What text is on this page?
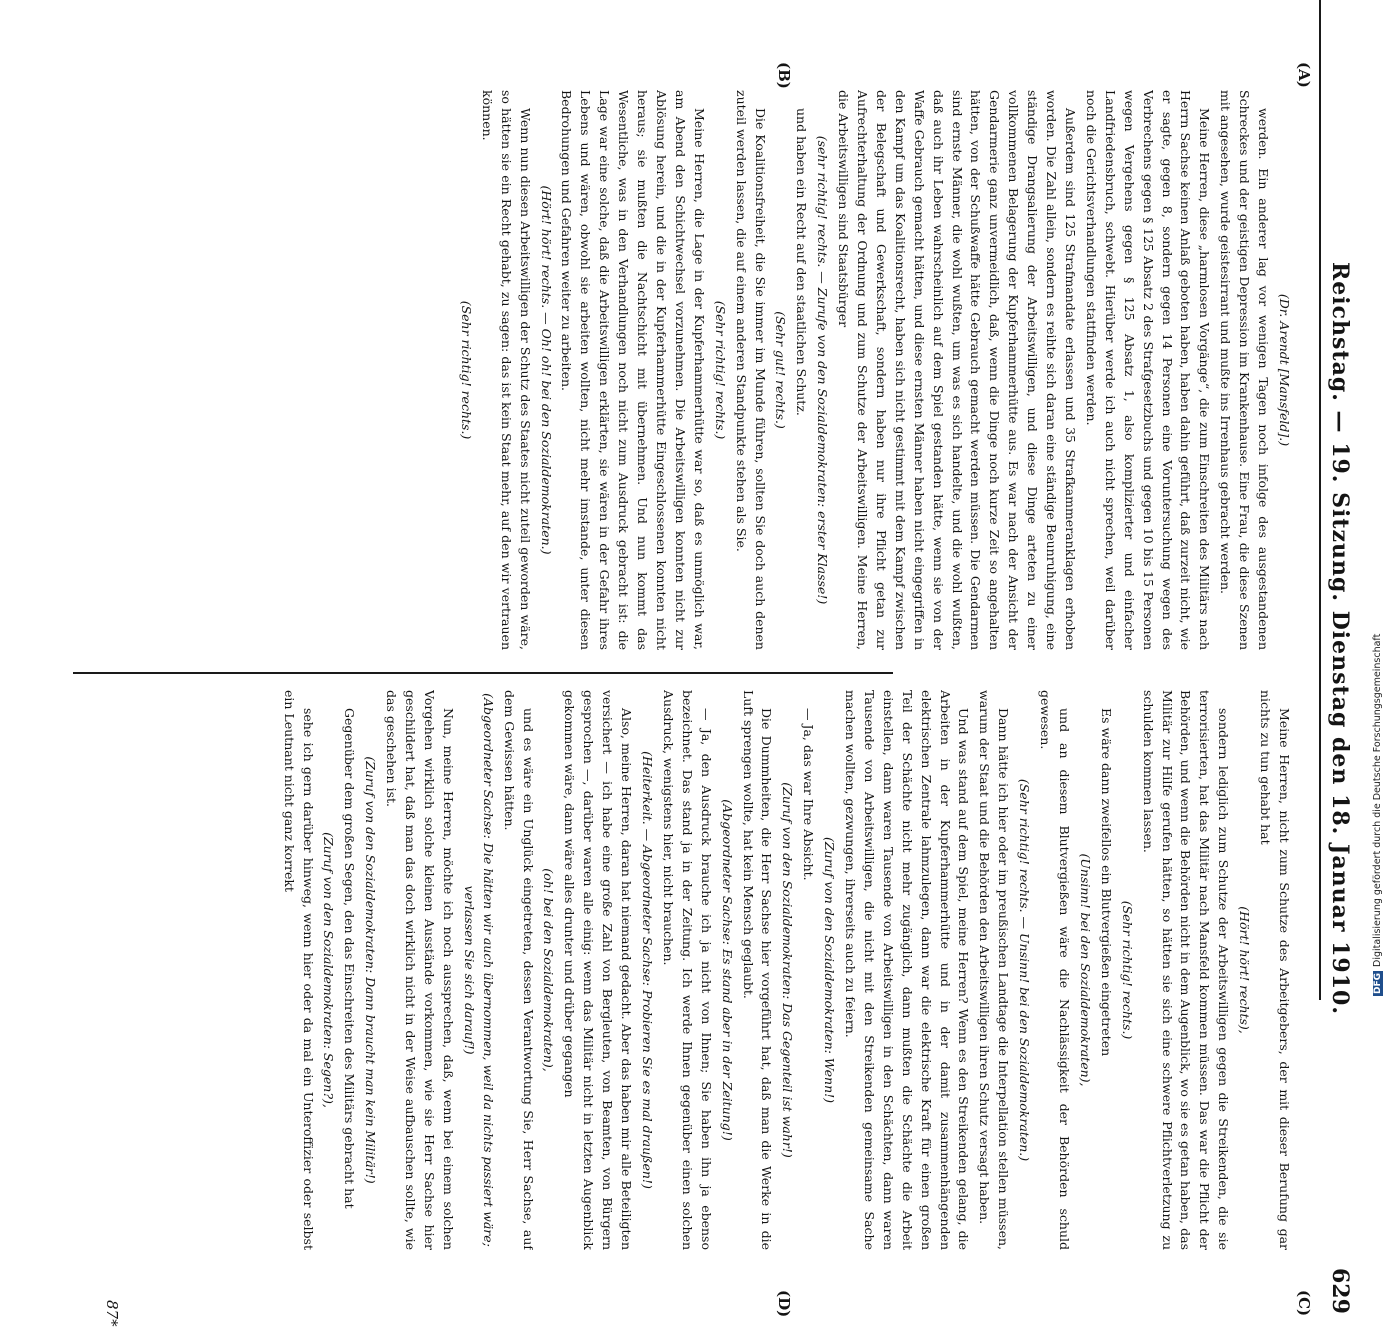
Reichstag. — 19. Sitzung. Dienstag den 18. Januar 1910.
629
(A)
(B)
(C)
(D)

(Dr. Arendt [Mansfeld].)

werden. Ein anderer lag vor wenigen Tagen noch infolge des ausgestandenen Schreckes und der geistigen Depression im Krankenhause. Eine Frau, die diese Szenen mit angesehen, wurde geistesirrant und mußte ins Irrenhaus gebracht werden.

Meine Herren, diese „harmlosen Vorgänge“, die zum Einschreiten des Militärs nach Herrn Sachse keinen Anlaß geboten haben, haben dahin geführt, daß zurzeit nicht, wie er sagte, gegen 8, sondern gegen 14 Personen eine Voruntersuchung wegen des Verbrechens gegen § 125 Absatz 2 des Strafgesetzbuchs und gegen 10 bis 15 Personen wegen Vergehens gegen § 125 Absatz 1, also komplizierter und einfacher Landfriedensbruch, schwebt. Hierüber werde ich auch nicht sprechen, weil darüber noch die Gerichtsverhandlungen stattfinden werden.

Außerdem sind 125 Strafmandate erlassen und 35 Strafkammeranklagen erhoben worden. Die Zahl allein, sondern es reihte sich daran eine ständige Beunruhigung, eine ständige Drangsalierung der Arbeitswilligen, und diese Dinge arteten zu einer vollkommenen Belagerung der Kupferhammerhütte aus. Es war nach der Ansicht der Gendarmerie ganz unvermeidlich, daß, wenn die Dinge noch kurze Zeit so angehalten hätten, von der Schußwaffe hätte Gebrauch gemacht werden müssen. Die Gendarmen sind ernste Männer, die wohl wußten, um was es sich handelte, und die wohl wußten, daß auch ihr Leben wahrscheinlich auf dem Spiel gestanden hätte, wenn sie von der Waffe Gebrauch gemacht hätten, und diese ernsten Männer haben nicht eingegriffen in den Kampf um das Koalitionsrecht, haben sich nicht gestimmt mit dem Kampf zwischen der Belegschaft und Gewerkschaft, sondern haben nur ihre Pflicht getan zur Aufrechterhaltung der Ordnung und zum Schutze der Arbeitswilligen. Meine Herren, die Arbeitswilligen sind Staatsbürger

(sehr richtig! rechts. — Zurufe von den Sozialdemokraten: erster Klasse!)

und haben ein Recht auf den staatlichen Schutz.

(Sehr gut! rechts.)

Die Koalitionsfreiheit, die Sie immer im Munde führen, sollten Sie doch auch denen zuteil werden lassen, die auf einem anderen Standpunkte stehen als Sie.

(Sehr richtig! rechts.)

Meine Herren, die Lage in der Kupferhammerhütte war so, daß es unmöglich war, am Abend den Schichtwechsel vorzunehmen. Die Arbeitswilligen konnten nicht zur Ablösung herein, und die in der Kupferhammerhütte Eingeschlossenen konnten nicht heraus; sie mußten die Nachtschicht mit übernehmen. Und nun kommt das Wesentliche, was in den Verhandlungen noch nicht zum Ausdruck gebracht ist: die Lage war eine solche, daß die Arbeitswilligen erklärten, sie wären in der Gefahr ihres Lebens und wären, obwohl sie arbeiten wollten, nicht mehr imstande, unter diesen Bedrohungen und Gefahren weiter zu arbeiten.

(Hört! hört! rechts. — Oh! oh! bei den Sozialdemokraten.)

Wenn nun diesen Arbeitswilligen der Schutz des Staates nicht zuteil geworden wäre, so hätten sie ein Recht gehabt, zu sagen: das ist kein Staat mehr, auf den wir vertrauen können.

(Sehr richtig! rechts.)

Meine Herren, nicht zum Schutze des Arbeitgebers, der mit dieser Berufung gar nichts zu tun gehabt hat

(Hört! hört! rechts),

sondern lediglich zum Schutze der Arbeitswilligen gegen die Streikenden, die sie terrorisierten, hat das Militär nach Mansfeld kommen müssen. Das war die Pflicht der Behörden, und wenn die Behörden nicht in dem Augenblick, wo sie es getan haben, das Militär zur Hilfe gerufen hätten, so hätten sie sich eine schwere Pflichtverletzung zu schulden kommen lassen.

(Sehr richtig! rechts.)

Es wäre dann zweifellos ein Blutvergießen eingetreten

(Unsinn! bei den Sozialdemokraten),

und an diesem Blutvergießen wäre die Nachlässigkeit der Behörden schuld gewesen.

(Sehr richtig! rechts. — Unsinn! bei den Sozialdemokraten.)

Dann hätte ich hier oder im preußischen Landtage die Interpellation stellen müssen, warum der Staat und die Behörden den Arbeitswilligen ihren Schutz versagt haben.

Und was stand auf dem Spiel, meine Herren? Wenn es den Streikenden gelang, die Arbeiten in der Kupferhammerhütte und in der damit zusammenhängenden elektrischen Zentrale lahmzulegen, dann war die elektrische Kraft für einen großen Teil der Schächte nicht mehr zugänglich, dann mußten die Schächte die Arbeit einstellen, dann waren Tausende von Arbeitswilligen in den Schächten, dann waren Tausende von Arbeitswilligen, die nicht mit den Streikenden gemeinsame Sache machen wollten, gezwungen, ihrerseits auch zu feiern.

(Zuruf von den Sozialdemokraten: Wenn!)

— Ja, das war Ihre Absicht.

(Zuruf von den Sozialdemokraten: Das Gegenteil ist wahr!)

Die Dummheiten, die Herr Sachse hier vorgeführt hat, daß man die Werke in die Luft sprengen wollte, hat kein Mensch geglaubt.

(Abgeordneter Sachse: Es stand aber in der Zeitung!)

— Ja, den Ausdruck brauche ich ja nicht von Ihnen; Sie haben ihn ja ebenso bezeichnet. Das stand ja in der Zeitung. Ich werde Ihnen gegenüber einen solchen Ausdruck, wenigstens hier, nicht brauchen.

(Heiterkeit. — Abgeordneter Sachse: Probieren Sie es mal draußen!)

Also, meine Herren, daran hat niemand gedacht. Aber das haben mir alle Beteiligten versichert — ich habe eine große Zahl von Bergleuten, von Beamten, von Bürgern gesprochen —, darüber waren alle einig: wenn das Militär nicht in letzten Augenblick gekommen wäre, dann wäre alles drunter und drüber gegangen

(oh! bei den Sozialdemokraten),

und es wäre ein Unglück eingetreten, dessen Verantwortung Sie, Herr Sachse, auf dem Gewissen hätten.

(Abgeordneter Sachse: Die hätten wir auch übernommen, weil da nichts passiert wäre; verlassen Sie sich darauf!)

Nun, meine Herren, möchte ich noch aussprechen, daß, wenn bei einem solchen Vorgehen wirklich solche kleinen Ausstände vorkommen, wie sie Herr Sachse hier geschildert hat, daß man das doch wirklich nicht in der Weise aufbauschen sollte, wie das geschehen ist.

(Zuruf von den Sozialdemokraten: Dann braucht man kein Militär!)

Gegenüber dem großen Segen, den das Einschreiten des Militärs gebracht hat

(Zuruf von den Sozialdemokraten: Segen?),

sehe ich gern darüber hinweg, wenn hier oder da mal ein Unteroffizier oder selbst ein Leutnant nicht ganz korrekt

87*
DFGDigitalisierung gefördert durch die Deutsche Forschungsgemeinschaft
